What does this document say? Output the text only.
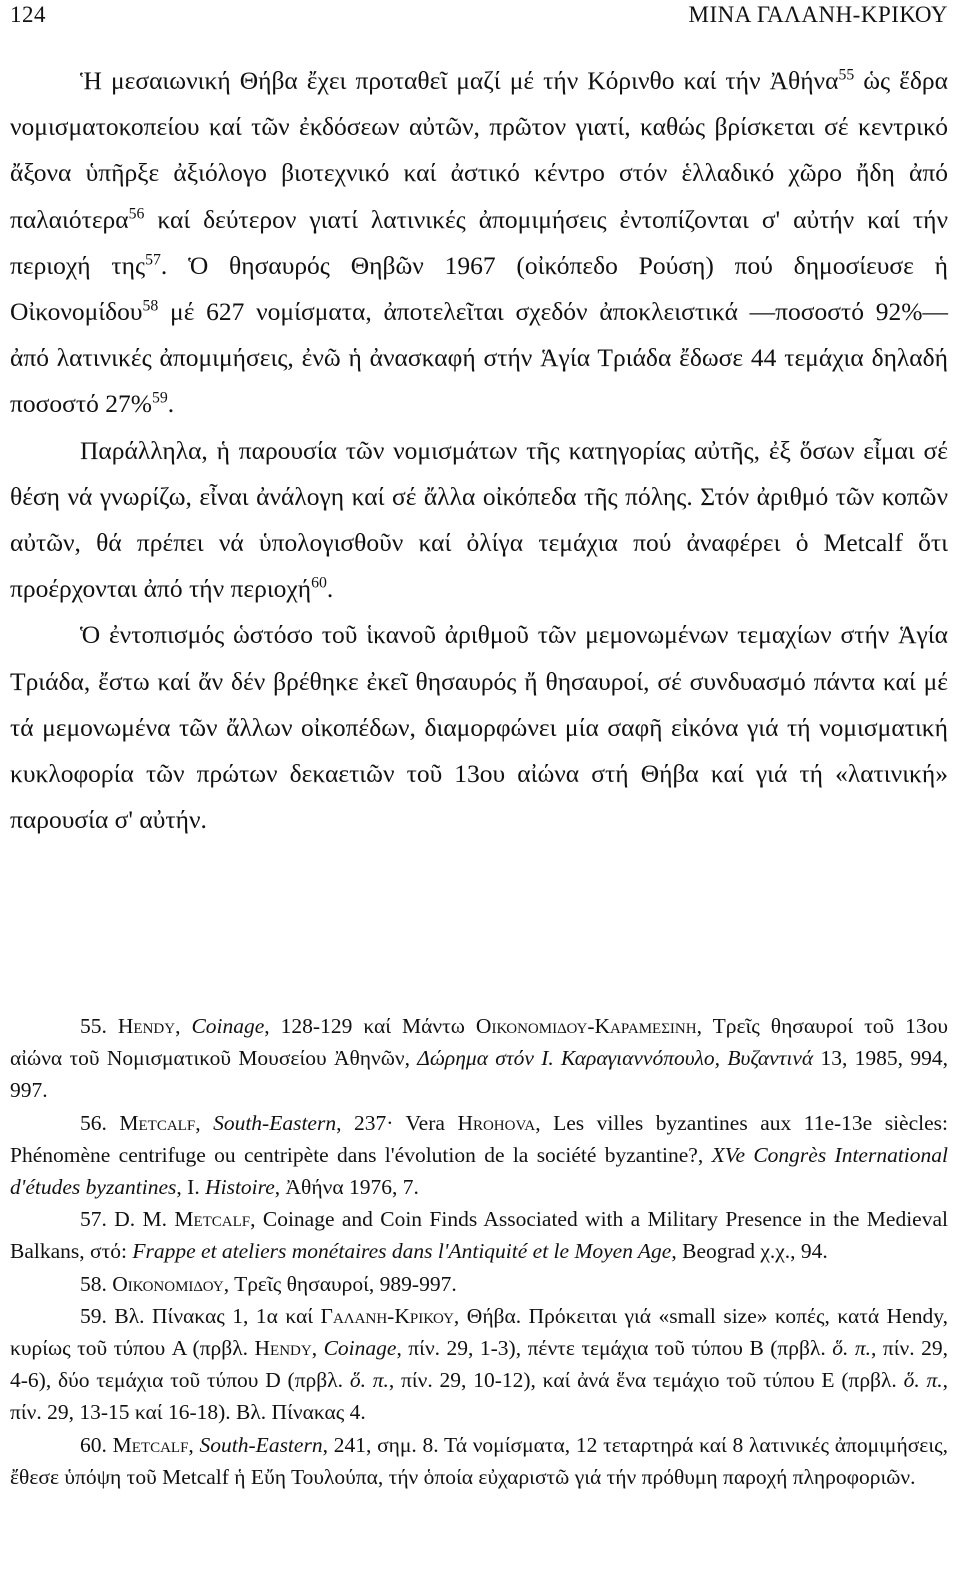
124	ΜΙΝΑ ΓΑΛΑΝΗ-ΚΡΙΚΟΥ

Ἡ μεσαιωνική Θήβα ἔχει προταθεῖ μαζί μέ τήν Κόρινθο καί τήν Ἀθήνα$^{55}$ ὡς ἕδρα νομισματοκοπείου καί τῶν ἐκδόσεων αὐτῶν, πρῶτον γιατί, καθώς βρίσκεται σέ κεντρικό ἄξονα ὑπῆρξε ἀξιόλογο βιοτεχνικό καί ἀστικό κέντρο στόν ἑλλαδικό χῶρο ἤδη ἀπό παλαιότερα$^{56}$ καί δεύτερον γιατί λατινικές ἀπομιμήσεις ἐντοπίζονται σ' αὐτήν καί τήν περιοχή της$^{57}$. Ὁ θησαυρός Θηβῶν 1967 (οἰκόπεδο Ρούση) πού δημοσίευσε ἡ Οἰκονομίδου$^{58}$ μέ 627 νομίσματα, ἀποτελεῖται σχεδόν ἀποκλειστικά —ποσοστό 92%— ἀπό λατινικές ἀπομιμήσεις, ἐνῶ ἡ ἀνασκαφή στήν Ἁγία Τριάδα ἔδωσε 44 τεμάχια δηλαδή ποσοστό 27%$^{59}$.

Παράλληλα, ἡ παρουσία τῶν νομισμάτων τῆς κατηγορίας αὐτῆς, ἐξ ὅσων εἶμαι σέ θέση νά γνωρίζω, εἶναι ἀνάλογη καί σέ ἄλλα οἰκόπεδα τῆς πόλης. Στόν ἀριθμό τῶν κοπῶν αὐτῶν, θά πρέπει νά ὑπολογισθοῦν καί ὀλίγα τεμάχια πού ἀναφέρει ὁ Metcalf ὅτι προέρχονται ἀπό τήν περιοχή$^{60}$.

Ὁ ἐντοπισμός ὡστόσο τοῦ ἱκανοῦ ἀριθμοῦ τῶν μεμονωμένων τεμαχίων στήν Ἁγία Τριάδα, ἔστω καί ἄν δέν βρέθηκε ἐκεῖ θησαυρός ἤ θησαυροί, σέ συνδυασμό πάντα καί μέ τά μεμονωμένα τῶν ἄλλων οἰκοπέδων, διαμορφώνει μία σαφῆ εἰκόνα γιά τή νομισματική κυκλοφορία τῶν πρώτων δεκαετιῶν τοῦ 13ου αἰώνα στή Θήβα καί γιά τή «λατινική» παρουσία σ' αὐτήν.

55. Hendy, Coinage, 128-129 καί Μάντω Οικονομιδου-Καραμεσινη, Τρεῖς θησαυροί τοῦ 13ου αἰώνα τοῦ Νομισματικοῦ Μουσείου Ἀθηνῶν, Δώρημα στόν Ι. Καραγιαννόπουλο, Βυζαντινά 13, 1985, 994, 997.

56. Metcalf, South-Eastern, 237· Vera Hrohova, Les villes byzantines aux 11e-13e siècles: Phénomène centrifuge ou centripète dans l'évolution de la société byzantine?, XVe Congrès International d'études byzantines, I. Histoire, Ἀθήνα 1976, 7.

57. D. M. Metcalf, Coinage and Coin Finds Associated with a Military Presence in the Medieval Balkans, στό: Frappe et ateliers monétaires dans l'Antiquité et le Moyen Age, Beograd χ.χ., 94.

58. Οικονομιδου, Τρεῖς θησαυροί, 989-997.

59. Βλ. Πίνακας 1, 1α καί Γαλανη-Κρικου, Θήβα. Πρόκειται γιά «small size» κοπές, κατά Hendy, κυρίως τοῦ τύπου A (πρβλ. Hendy, Coinage, πίν. 29, 1-3), πέντε τεμάχια τοῦ τύπου B (πρβλ. ὅ. π., πίν. 29, 4-6), δύο τεμάχια τοῦ τύπου D (πρβλ. ὅ. π., πίν. 29, 10-12), καί ἀνά ἕνα τεμάχιο τοῦ τύπου E (πρβλ. ὅ. π., πίν. 29, 13-15 καί 16-18). Βλ. Πίνακας 4.

60. Metcalf, South-Eastern, 241, σημ. 8. Τά νομίσματα, 12 τεταρτηρά καί 8 λατινικές ἀπομιμήσεις, ἔθεσε ὑπόψη τοῦ Metcalf ἡ Εὔη Τουλούπα, τήν ὁποία εὐχαριστῶ γιά τήν πρόθυμη παροχή πληροφοριῶν.
